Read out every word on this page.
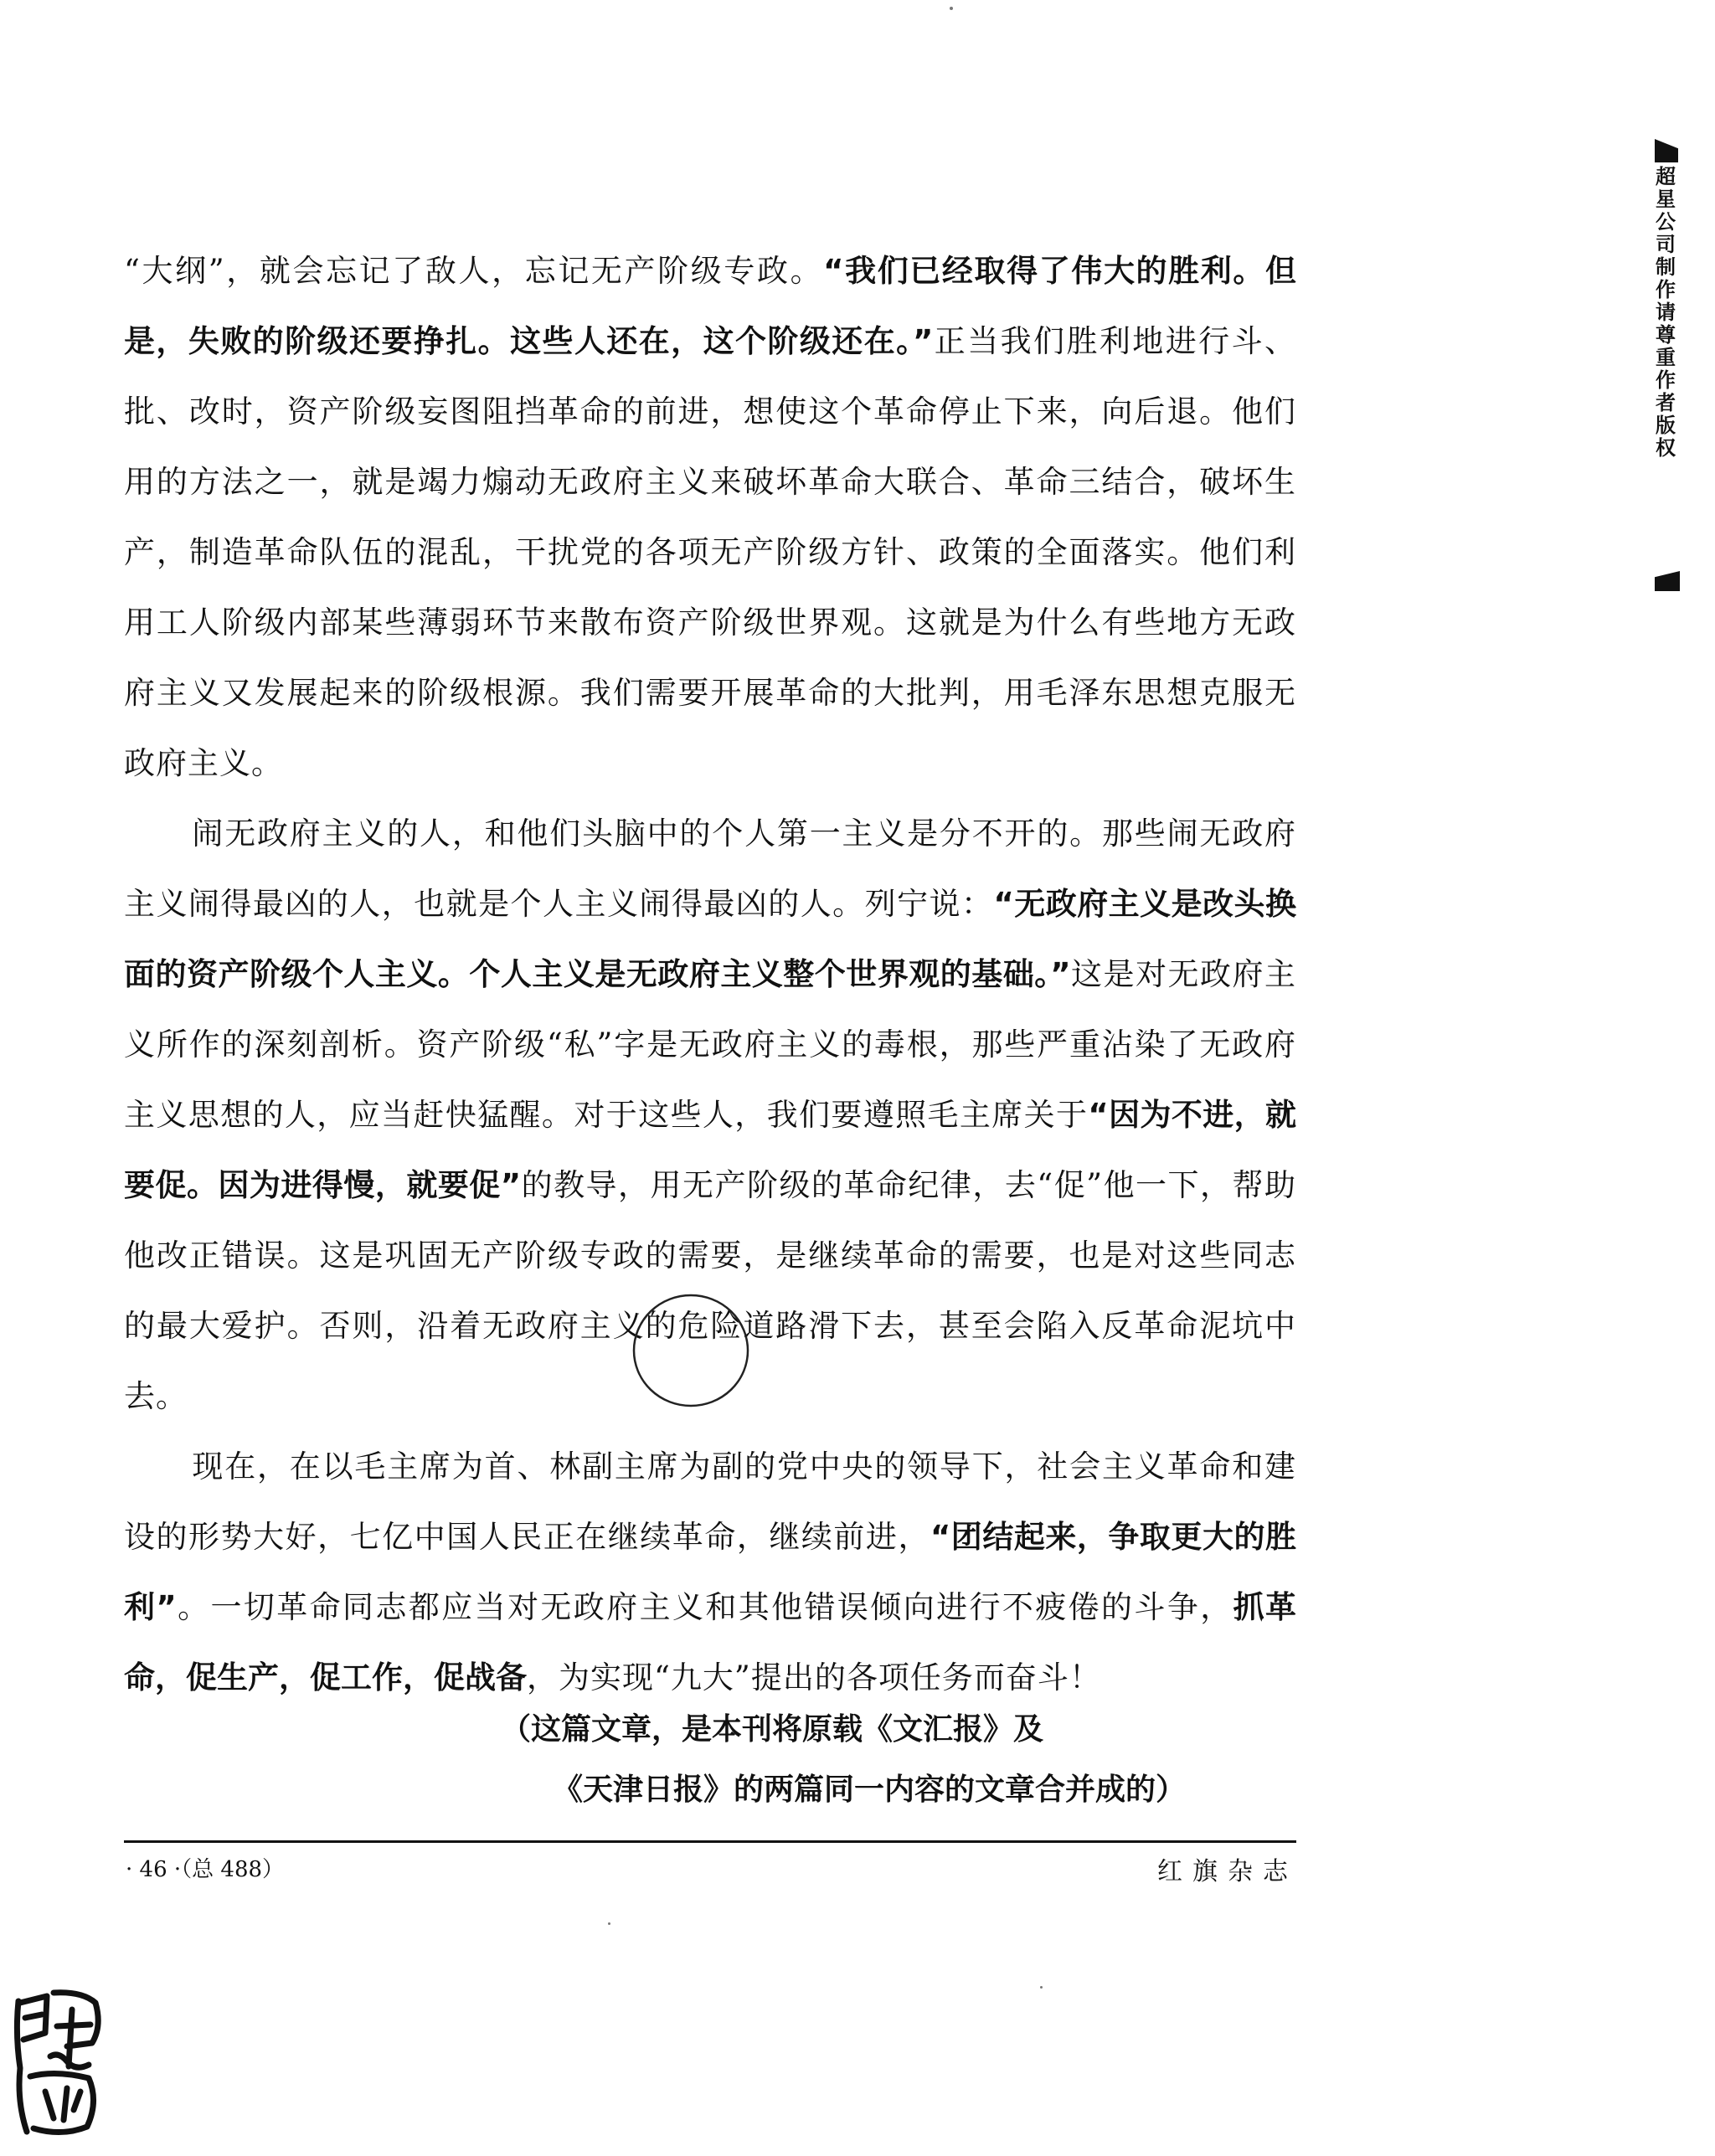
“大纲”，就会忘记了敌人，忘记无产阶级专政。“我们已经取得了伟大的胜利。但是，失败的阶级还要挣扎。这些人还在，这个阶级还在。”正当我们胜利地进行斗、批、改时，资产阶级妄图阻挡革命的前进，想使这个革命停止下来，向后退。他们用的方法之一，就是竭力煽动无政府主义来破坏革命大联合、革命三结合，破坏生产，制造革命队伍的混乱，干扰党的各项无产阶级方针、政策的全面落实。他们利用工人阶级内部某些薄弱环节来散布资产阶级世界观。这就是为什么有些地方无政府主义又发展起来的阶级根源。我们需要开展革命的大批判，用毛泽东思想克服无政府主义。

闹无政府主义的人，和他们头脑中的个人第一主义是分不开的。那些闹无政府主义闹得最凶的人，也就是个人主义闹得最凶的人。列宁说：“无政府主义是改头换面的资产阶级个人主义。个人主义是无政府主义整个世界观的基础。”这是对无政府主义所作的深刻剖析。资产阶级“私”字是无政府主义的毒根，那些严重沾染了无政府主义思想的人，应当赶快猛醒。对于这些人，我们要遵照毛主席关于“因为不进，就要促。因为进得慢，就要促”的教导，用无产阶级的革命纪律，去“促”他一下，帮助他改正错误。这是巩固无产阶级专政的需要，是继续革命的需要，也是对这些同志的最大爱护。否则，沿着无政府主义的危险道路滑下去，甚至会陷入反革命泥坑中去。

现在，在以毛主席为首、林副主席为副的党中央的领导下，社会主义革命和建设的形势大好，七亿中国人民正在继续革命，继续前进，“团结起来，争取更大的胜利”。一切革命同志都应当对无政府主义和其他错误倾向进行不疲倦的斗争，抓革命，促生产，促工作，促战备，为实现“九大”提出的各项任务而奋斗！

（这篇文章，是本刊将原载《文汇报》及
《天津日报》的两篇同一内容的文章合并成的）
· 46 ·（总 488）	红旗杂志
超星公司制作 请尊重作者版权
